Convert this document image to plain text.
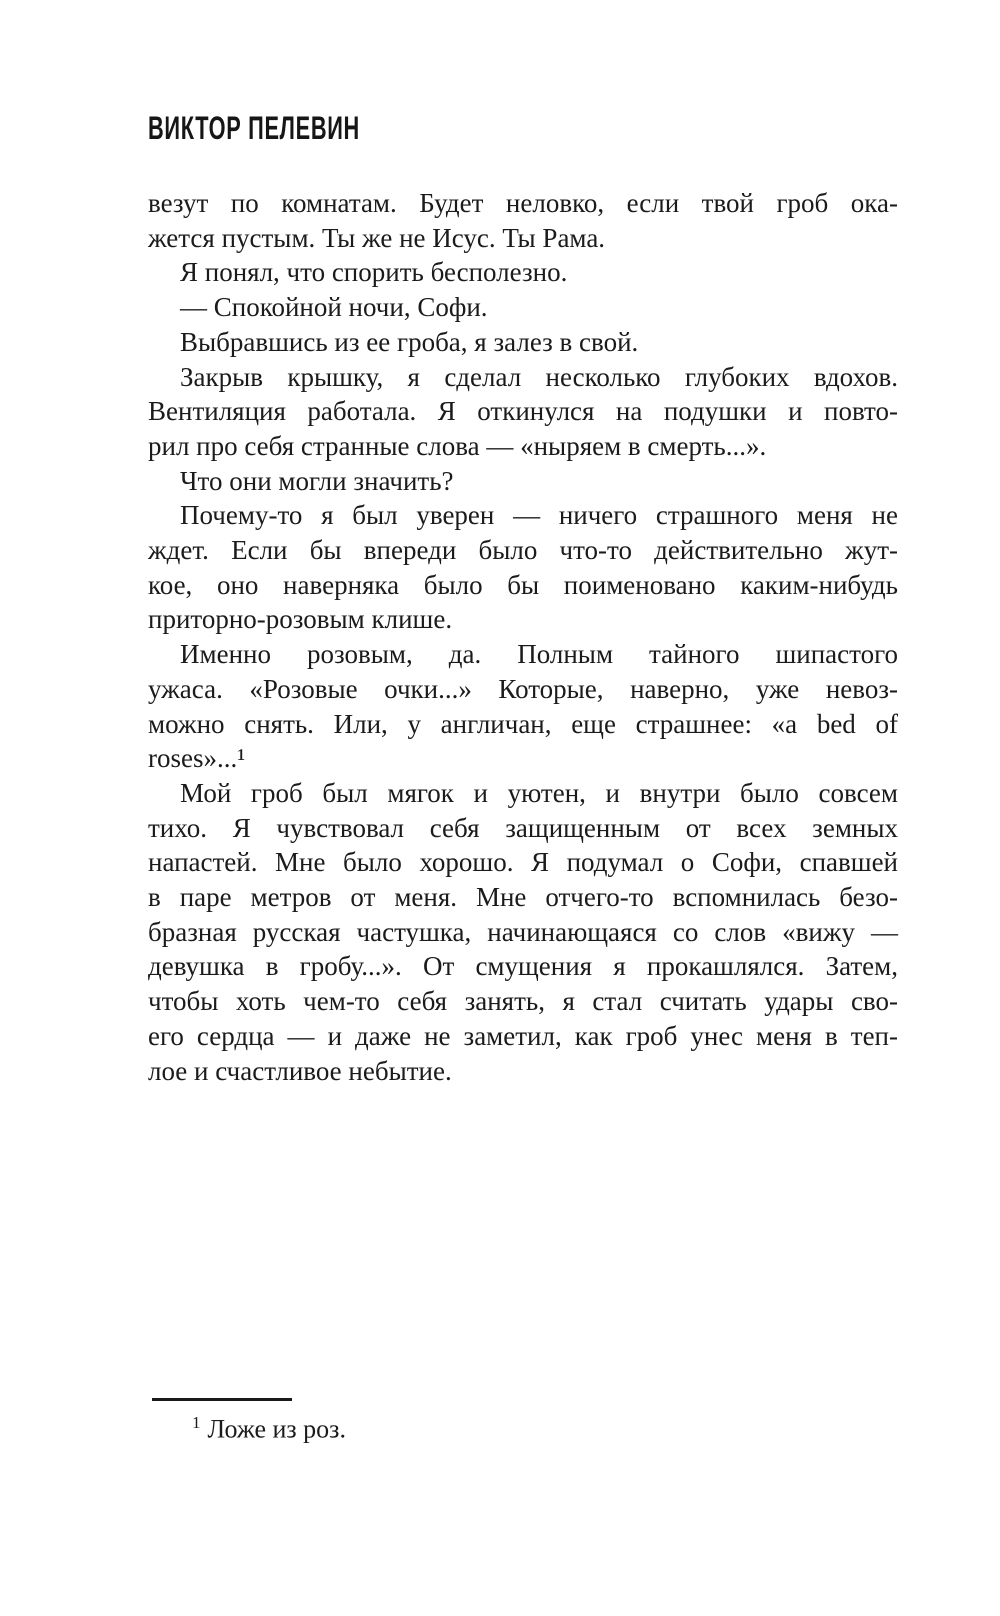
ВИКТОР ПЕЛЕВИН
везут по комнатам. Будет неловко, если твой гроб ока-
жется пустым. Ты же не Исус. Ты Рама.
Я понял, что спорить бесполезно.
— Спокойной ночи, Софи.
Выбравшись из ее гроба, я залез в свой.
Закрыв крышку, я сделал несколько глубоких вдохов.
Вентиляция работала. Я откинулся на подушки и повто-
рил про себя странные слова — «ныряем в смерть...».
Что они могли значить?
Почему-то я был уверен — ничего страшного меня не
ждет. Если бы впереди было что-то действительно жут-
кое, оно наверняка было бы поименовано каким-нибудь
приторно-розовым клише.
Именно розовым, да. Полным тайного шипастого
ужаса. «Розовые очки...» Которые, наверно, уже невоз-
можно снять. Или, у англичан, еще страшнее: «a bed of
roses»...¹
Мой гроб был мягок и уютен, и внутри было совсем
тихо. Я чувствовал себя защищенным от всех земных
напастей. Мне было хорошо. Я подумал о Софи, спавшей
в паре метров от меня. Мне отчего-то вспомнилась безо-
бразная русская частушка, начинающаяся со слов «вижу —
девушка в гробу...». От смущения я прокашлялся. Затем,
чтобы хоть чем-то себя занять, я стал считать удары сво-
его сердца — и даже не заметил, как гроб унес меня в теп-
лое и счастливое небытие.
$^1$ Ложе из роз.
